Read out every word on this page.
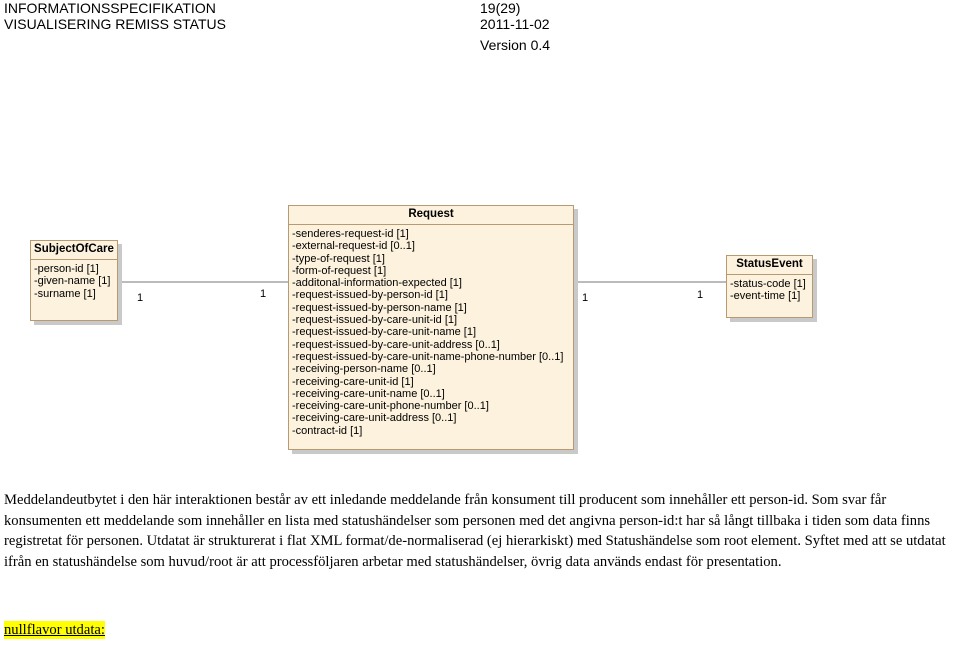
INFORMATIONSSPECIFIKATION
VISUALISERING REMISS STATUS
19(29)
2011-11-02
Version 0.4
SubjectOfCare
-person-id [1]
-given-name [1]
-surname [1]
Request
-senderes-request-id [1]
-external-request-id [0..1]
-type-of-request [1]
-form-of-request [1]
-additonal-information-expected [1]
-request-issued-by-person-id [1]
-request-issued-by-person-name [1]
-request-issued-by-care-unit-id [1]
-request-issued-by-care-unit-name [1]
-request-issued-by-care-unit-address [0..1]
-request-issued-by-care-unit-name-phone-number [0..1]
-receiving-person-name [0..1]
-receiving-care-unit-id [1]
-receiving-care-unit-name [0..1]
-receiving-care-unit-phone-number [0..1]
-receiving-care-unit-address [0..1]
-contract-id [1]
StatusEvent
-status-code [1]
-event-time [1]
1	1	1	1
Meddelandeutbytet i den här interaktionen består av ett inledande meddelande från konsument till producent som innehåller ett person-id. Som svar får konsumenten ett meddelande som innehåller en lista med statushändelser som personen med det angivna person-id:t har så långt tillbaka i tiden som data finns registretat för personen. Utdatat är strukturerat i flat XML format/de-normaliserad (ej hierarkiskt) med Statushändelse som root element. Syftet med att se utdatat ifrån en statushändelse som huvud/root är att processföljaren arbetar med statushändelser, övrig data används endast för presentation.
nullflavor utdata:
